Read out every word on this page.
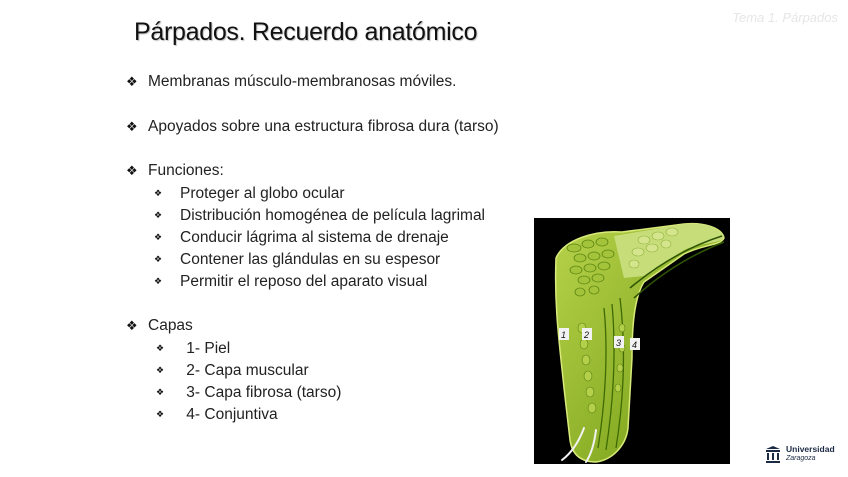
Tema 1. Párpados
Párpados. Recuerdo anatómico
❖ Membranas músculo-membranosas móviles.
❖ Apoyados sobre una estructura fibrosa dura (tarso)
❖ Funciones:
❖ Proteger al globo ocular
❖ Distribución homogénea de película lagrimal
❖ Conducir lágrima al sistema de drenaje
❖ Contener las glándulas en su espesor
❖ Permitir el reposo del aparato visual
❖ Capas
❖ 1- Piel
❖ 2- Capa muscular
❖ 3- Capa fibrosa (tarso)
❖ 4- Conjuntiva
1 2
3 4
Universidad
Zaragoza
